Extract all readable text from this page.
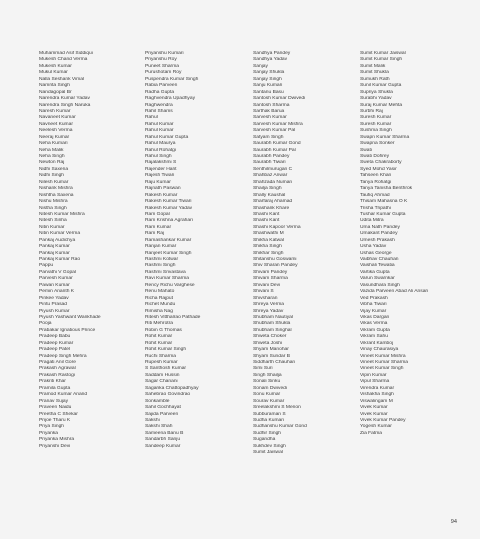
Muhammad Asif Siddiqui
Mukesh Chand Verma
Mukesh Kumar
Mukul Kumar
Nalla Seshank Vimal
Namrita Singh
Nandagopal Br
Narendra Kumar Yadav
Narendra Singh Naruka
Naresh Kumar
Navaneet Kumar
Navneet Kumar
Neelesh Verma
Neeraj Kumar
Neha Kumari
Neha Malik
Neha Singh
Newton Raj
Nidhi Saxena
Nidhi Singh
Nilesh Kumar
Nishank Mishra
Nishtha Saxena
Nishu Mishra
Nistha Singh
Nitesh Kumar Mishra
Nitesh Sinha
Nitin Kumar
Nitin Kumar Verma
Pankaj Audichya
Pankaj Kumar
Pankaj Kumar
Pankaj Kumar Rao
Pappu
Parvathi V Gopal
Parvesh Kumar
Pawan Kumar
Pemin Ananth K
Pinkee Yadav
Pintu Prasad
Piyush Kumar
Piyush Yashwant Wankhade
Pooja
Prabakar Ignatious Prince
Pradeep Babu
Pradeep Kumar
Pradeep Patel
Pradeep Singh Mehra
Pragati Anil Gore
Prakash Agrawal
Prakash Rastogi
Prakriti Khar
Pramila Gupta
Pramod Kumar Anand
Pranav Sujay
Praveen Naidu
Preetha C Shekar
Prijoe Tharu K
Priya Singh
Priyanka
Priyanka Mishra
Priyanshi Devi
Priyanshu Kumari
Priyanshu Roy
Puneet Sharma
Purushotam Roy
Puspendra Kumar Singh
Rabia Parveen
Radha Gupta
Raghvendra Upadhyay
Raghwendra
Rahil Shams
Rahul
Rahul Kumar
Rahul Kumar
Rahul Kumar Gupta
Rahul Maurya
Rahul Rohatgi
Rahul Singh
Rajalakshmi S
Rajender Harit
Rajesh Tiwari
Raju Kumar
Rajnath Paswan
Rakesh Kumar
Rakesh Kumar Tiwari
Rakesh Kumar Yadav
Ram Gopal
Ram Krishna Agrahari
Ram Kumar
Ram Raj
Ramashankar Kumar
Ranjan Kumar
Ranjeet Kumar Singh
Rashmi Kotwar
Rashmi Singh
Rashmi Srivastava
Ravi Kumar Sharma
Rency Richu Varghese
Renu Mahato
Richa Rajput
Richet Mundu
Rimisha Nag
Ritesh Vitthalrao Pathade
Riti Mehrotra
Robin G Thomas
Rohit Kumar
Rohit Kumar
Rohit Kumar Singh
Ruchi Sharma
Rupesh Kumar
S Santhosh Kumar
Saddam Hussin
Sagar Chanani
Sagarika Chattopadhyay
Sahebrao Govindrao
Sonkamble
Sahil Gochhayat
Sajida Parveen
Sakshi
Sakshi Shah
Sameena Banu B
Sandarbh Sanju
Sandeep Kumar
Sandhya Pandey
Sandhya Yadav
Sanjay
Sanjay Shukla
Sanjay Singh
Sanju Kumari
Santanu Basu
Santosh Kumar Dwivedi
Santosh Sharma
Sarthak Barua
Sarvesh Kumar
Sarvesh Kumar Mishra
Sarvesh Kumar Pal
Satyam Singh
Saurabh Kumar Gond
Saurabh Kumar Pal
Saurabh Pandey
Saurabh Tiwari
Senthilmurugan C
Shahbaz Anwar
Shahzada Numan
Shailja Singh
Shally Kaushal
Sharfaraj Ahamad
Shashank Khare
Shashi Kant
Shashi Kant
Shashi Kapoor Verma
Shashwathi M
Shikha Katwal
Shikha Singh
Shikhar Singh
Shitanshu Goswami
Shiv Sharan Pandey
Shivam Pandey
Shivam Sharma
Shivani Devi
Shivani S
Shivsharan
Shreya Verma
Shreya Yadav
Shubham Nautiyal
Shubham Shukla
Shubham Singhal
Shweta Choker
Shweta Joshi
Shyam Manohar
Shyam Sundar B
Siddharth Chauhan
Simi Suri
Singh Shailja
Sonali Sinku
Sonam Dwivedi
Sonu Kumar
Sourav Kumar
Sreelakshmi S Menon
Subburaman S
Sudha Kumari
Sudhanshu Kumar Gond
Sudhir Singh
Sugandha
Sukhdev Singh
Sumit Jaiswal
Sumit Kumar Jaiswal
Sumit Kumar Singh
Sumit Malik
Sumit Shukla
Sumukh Rath
Sunil Kumar Gupta
Supriya Shukla
Surabhi Yadav
Suraj Kumar Mehta
Surbhi Raj
Suresh Kumar
Suresh Kumar
Sushma Singh
Swapn Kumar Sharma
Swapna Sonker
Swati
Swati Dohrey
Sweta Chakraborty
Syed Mohd Yasir
Tahseen Khan
Tanya Rohatgi
Tanya Tanisha Benthrok
Taufiq Ahmad
Thisam Mahasna O K
Trisha Tripathi
Tushar Kumar Gupta
Udita Mitra
Uma Nath Pandey
Umakant Pandey
Umesh Prakash
Usha Yadav
Ushas George
Vaibhav Chauhan
Vaishali Tewatia
Vartika Gupta
Varun Swarnkar
Vasundhara Singh
Vazida Parveen Abad Ali Ansari
Ved Prakash
Vibha Tiwari
Vijay Kumar
Vikas Dargan
Vikas Verma
Vikram Gupta
Vikram Sahu
Vikrant Kamboj
Vinay Chaurasiya
Vineet Kumar Mishra
Vineet Kumar Sharma
Vineet Kumar Singh
Vipin Kumar
Vipul Sharma
Virendra Kumar
Vishakha Singh
Viswalingam M
Vivek Kumar
Vivek Kumar
Vivek Kumar Pandey
Yogesh Kumar
Zia Fatma
94
